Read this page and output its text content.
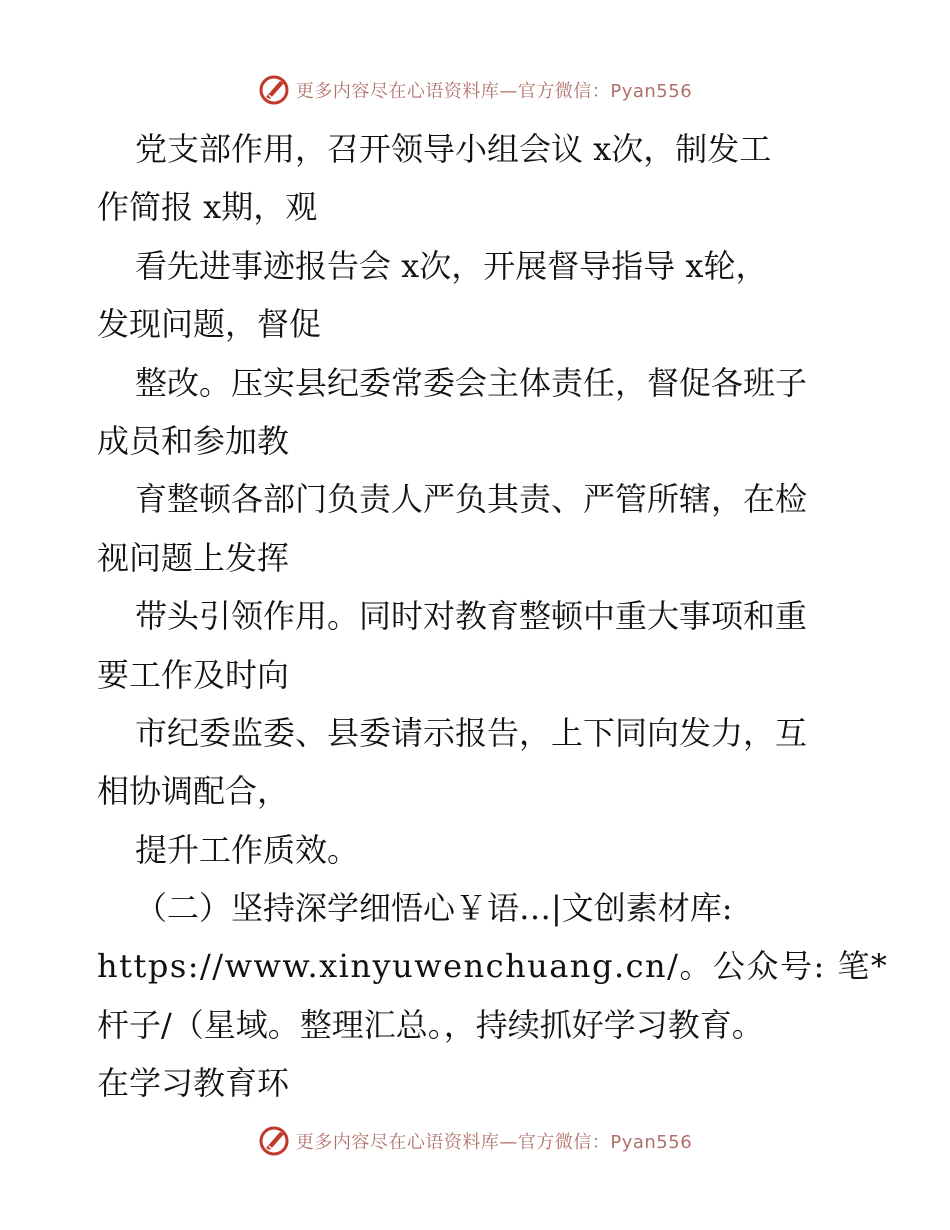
更多内容尽在心语资料库—官方微信：Pyan556
党支部作用，召开领导小组会议 x次，制发工
作简报 x期，观
看先进事迹报告会 x次，开展督导指导 x轮，
发现问题，督促
整改。压实县纪委常委会主体责任，督促各班子
成员和参加教
育整顿各部门负责人严负其责、严管所辖，在检
视问题上发挥
带头引领作用。同时对教育整顿中重大事项和重
要工作及时向
市纪委监委、县委请示报告，上下同向发力，互
相协调配合，
提升工作质效。
（二）坚持深学细悟心￥语…|文创素材库:
https://www.xinyuwenchuang.cn/。公众号: 笔*
杆子/（星域。整理汇总。，持续抓好学习教育。
在学习教育环
更多内容尽在心语资料库—官方微信：Pyan556
